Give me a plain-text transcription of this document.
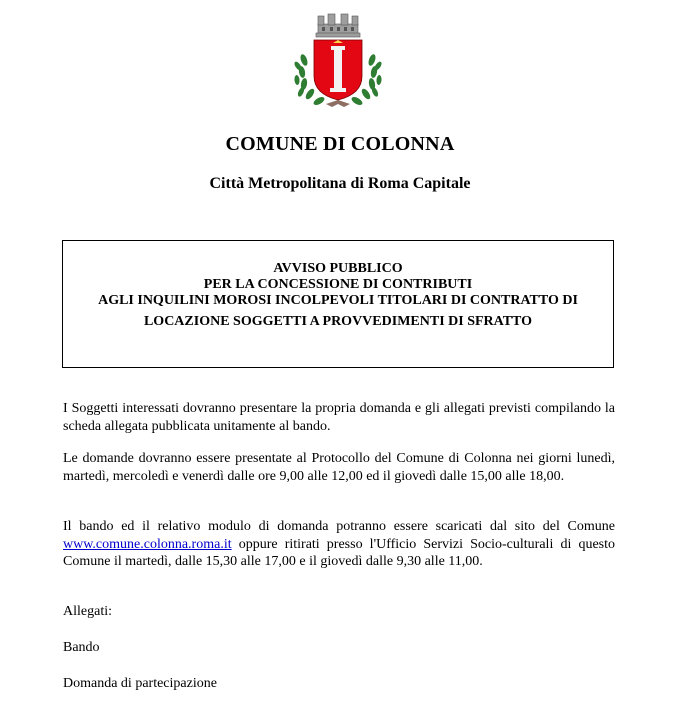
COMUNE DI COLONNA
Città Metropolitana di Roma Capitale
AVVISO PUBBLICO
PER LA CONCESSIONE DI CONTRIBUTI
AGLI INQUILINI MOROSI INCOLPEVOLI TITOLARI DI CONTRATTO DI
LOCAZIONE SOGGETTI A PROVVEDIMENTI DI SFRATTO
I Soggetti interessati dovranno presentare la propria domanda e gli allegati previsti compilando la scheda allegata pubblicata unitamente al bando.
Le domande dovranno essere presentate al Protocollo del Comune di Colonna nei giorni lunedì, martedì, mercoledì e venerdì dalle ore 9,00 alle 12,00 ed il giovedì dalle 15,00 alle 18,00.
Il bando ed il relativo modulo di domanda potranno essere scaricati dal sito del Comune www.comune.colonna.roma.it oppure ritirati presso l'Ufficio Servizi Socio-culturali di questo Comune il martedì, dalle 15,30 alle 17,00 e il giovedì dalle 9,30 alle 11,00.
Allegati:
Bando
Domanda di partecipazione
